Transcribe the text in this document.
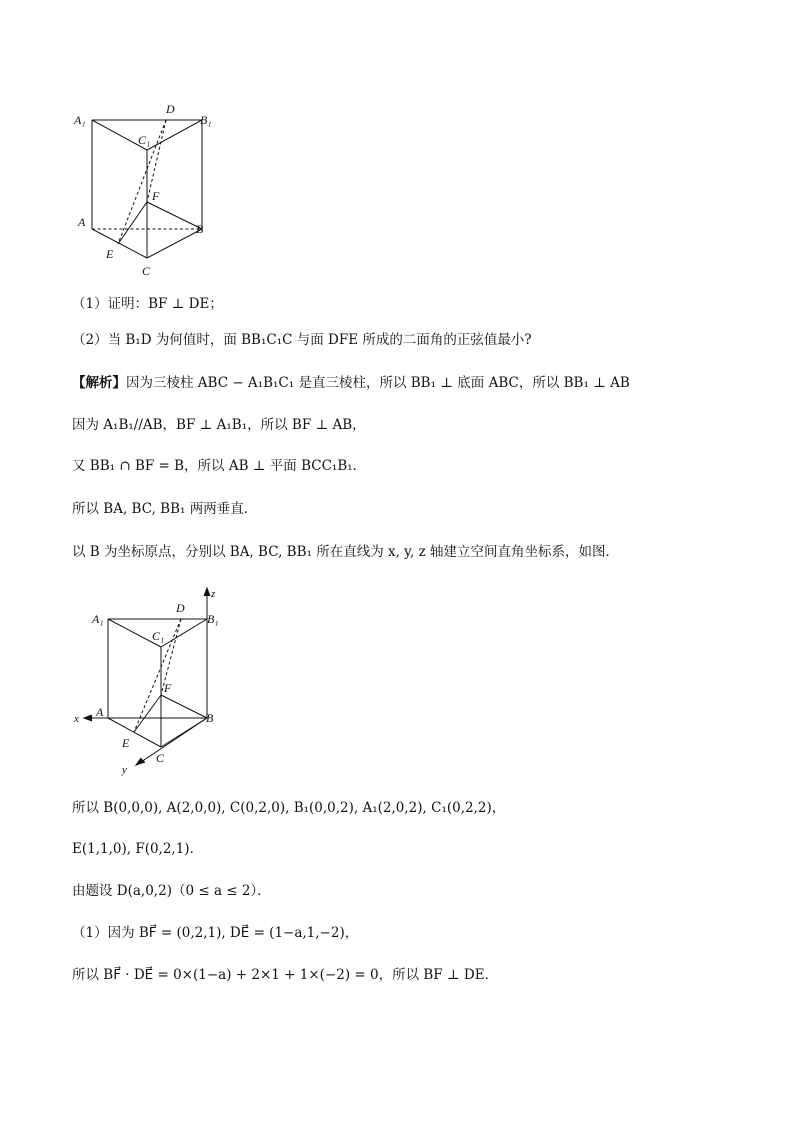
A₁
D
B₁
C₁
F
A	B
E
C
（1）证明：BF ⊥ DE；
（2）当 B₁D 为何值时，面 BB₁C₁C 与面 DFE 所成的二面角的正弦值最小?
【解析】因为三棱柱 ABC − A₁B₁C₁ 是直三棱柱，所以 BB₁ ⊥ 底面 ABC，所以 BB₁ ⊥ AB
因为 A₁B₁//AB，BF ⊥ A₁B₁，所以 BF ⊥ AB，
又 BB₁ ∩ BF = B，所以 AB ⊥ 平面 BCC₁B₁．
所以 BA, BC, BB₁ 两两垂直．
以 B 为坐标原点，分别以 BA, BC, BB₁ 所在直线为 x, y, z 轴建立空间直角坐标系，如图．
A₁
D
B₁
C₁
F
A	B
E
C
x
y
z
所以 B(0,0,0), A(2,0,0), C(0,2,0), B₁(0,0,2), A₁(2,0,2), C₁(0,2,2)，
E(1,1,0), F(0,2,1)．
由题设 D(a,0,2)（0 ≤ a ≤ 2）．
（1）因为 BF⃗ = (0,2,1), DE⃗ = (1−a,1,−2)，
所以 BF⃗ · DE⃗ = 0×(1−a) + 2×1 + 1×(−2) = 0，所以 BF ⊥ DE．
